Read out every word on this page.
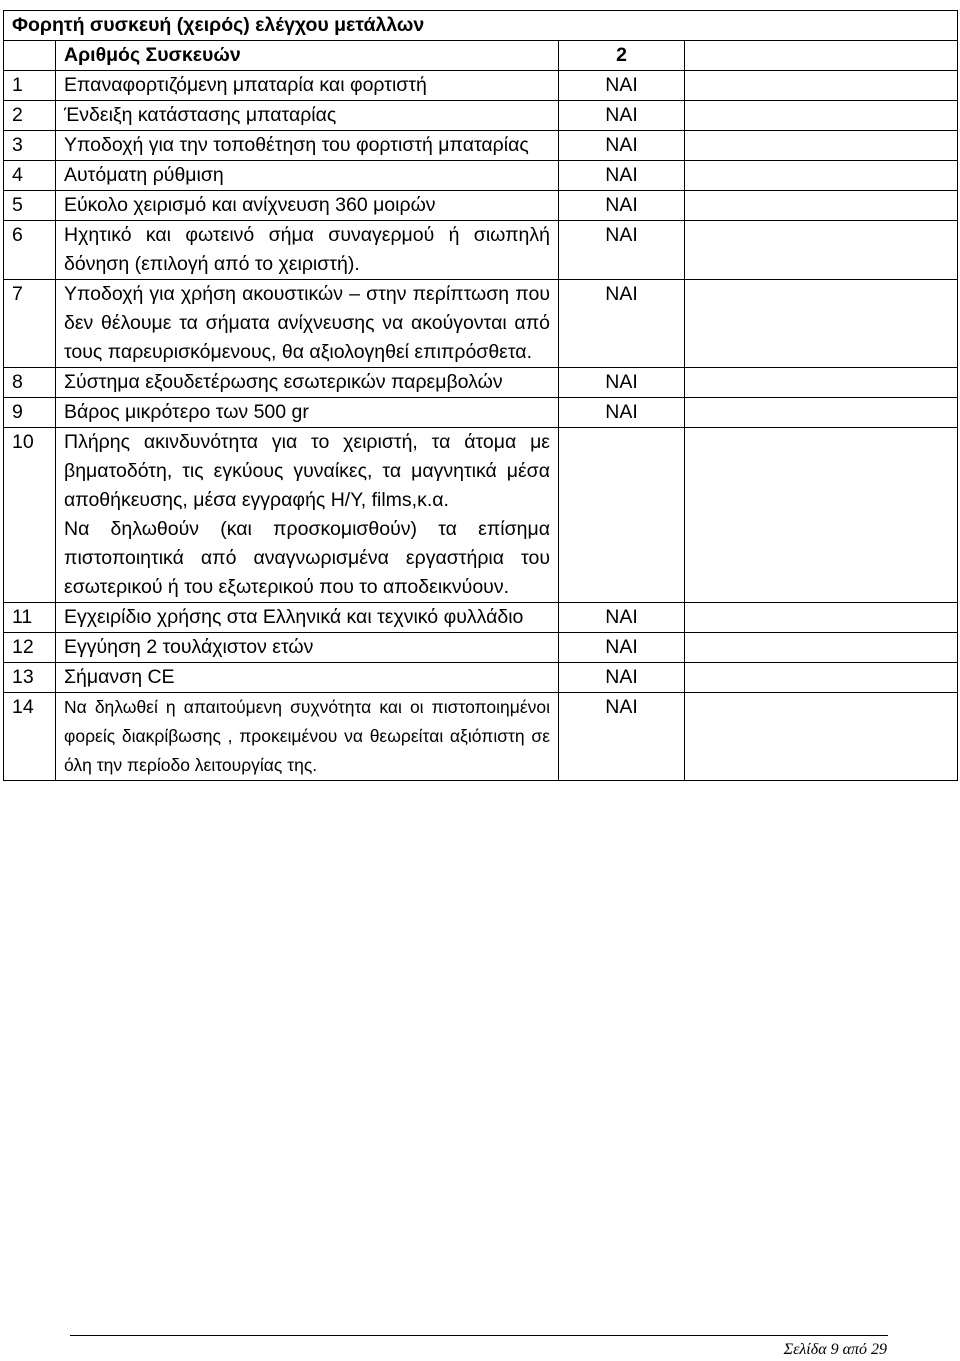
Φορητή συσκευή (χειρός) ελέγχου μετάλλων			
	Αριθμός Συσκευών	2	
1	Επαναφορτιζόμενη μπαταρία και φορτιστή	ΝΑΙ	
2	Ένδειξη κατάστασης μπαταρίας	ΝΑΙ	
3	Υποδοχή για την τοποθέτηση του φορτιστή μπαταρίας	ΝΑΙ	
4	Αυτόματη ρύθμιση	ΝΑΙ	
5	Εύκολο χειρισμό και ανίχνευση 360 μοιρών	ΝΑΙ	
6	Ηχητικό και φωτεινό σήμα συναγερμού ή σιωπηλή δόνηση (επιλογή από το χειριστή).	ΝΑΙ	
7	Υποδοχή για χρήση ακουστικών – στην περίπτωση που δεν θέλουμε τα σήματα ανίχνευσης να ακούγονται από τους παρευρισκόμενους, θα αξιολογηθεί επιπρόσθετα.	ΝΑΙ	
8	Σύστημα εξουδετέρωσης εσωτερικών παρεμβολών	ΝΑΙ	
9	Βάρος μικρότερο των 500 gr	ΝΑΙ	
10	Πλήρης ακινδυνότητα για το χειριστή, τα άτομα με βηματοδότη, τις εγκύους γυναίκες, τα μαγνητικά μέσα αποθήκευσης, μέσα εγγραφής Η/Υ, films,κ.α.
Να δηλωθούν (και προσκομισθούν) τα επίσημα πιστοποιητικά από αναγνωρισμένα εργαστήρια του εσωτερικού ή του εξωτερικού που το αποδεικνύουν.		

11	Εγχειρίδιο χρήσης στα Ελληνικά και τεχνικό φυλλάδιο	ΝΑΙ	
12	Εγγύηση 2 τουλάχιστον ετών	ΝΑΙ	
13	Σήμανση CE	ΝΑΙ	
14	Να δηλωθεί η απαιτούμενη συχνότητα και οι πιστοποιημένοι φορείς διακρίβωσης , προκειμένου να θεωρείται αξιόπιστη σε όλη την περίοδο λειτουργίας της.	ΝΑΙ	
Σελίδα 9 από 29
